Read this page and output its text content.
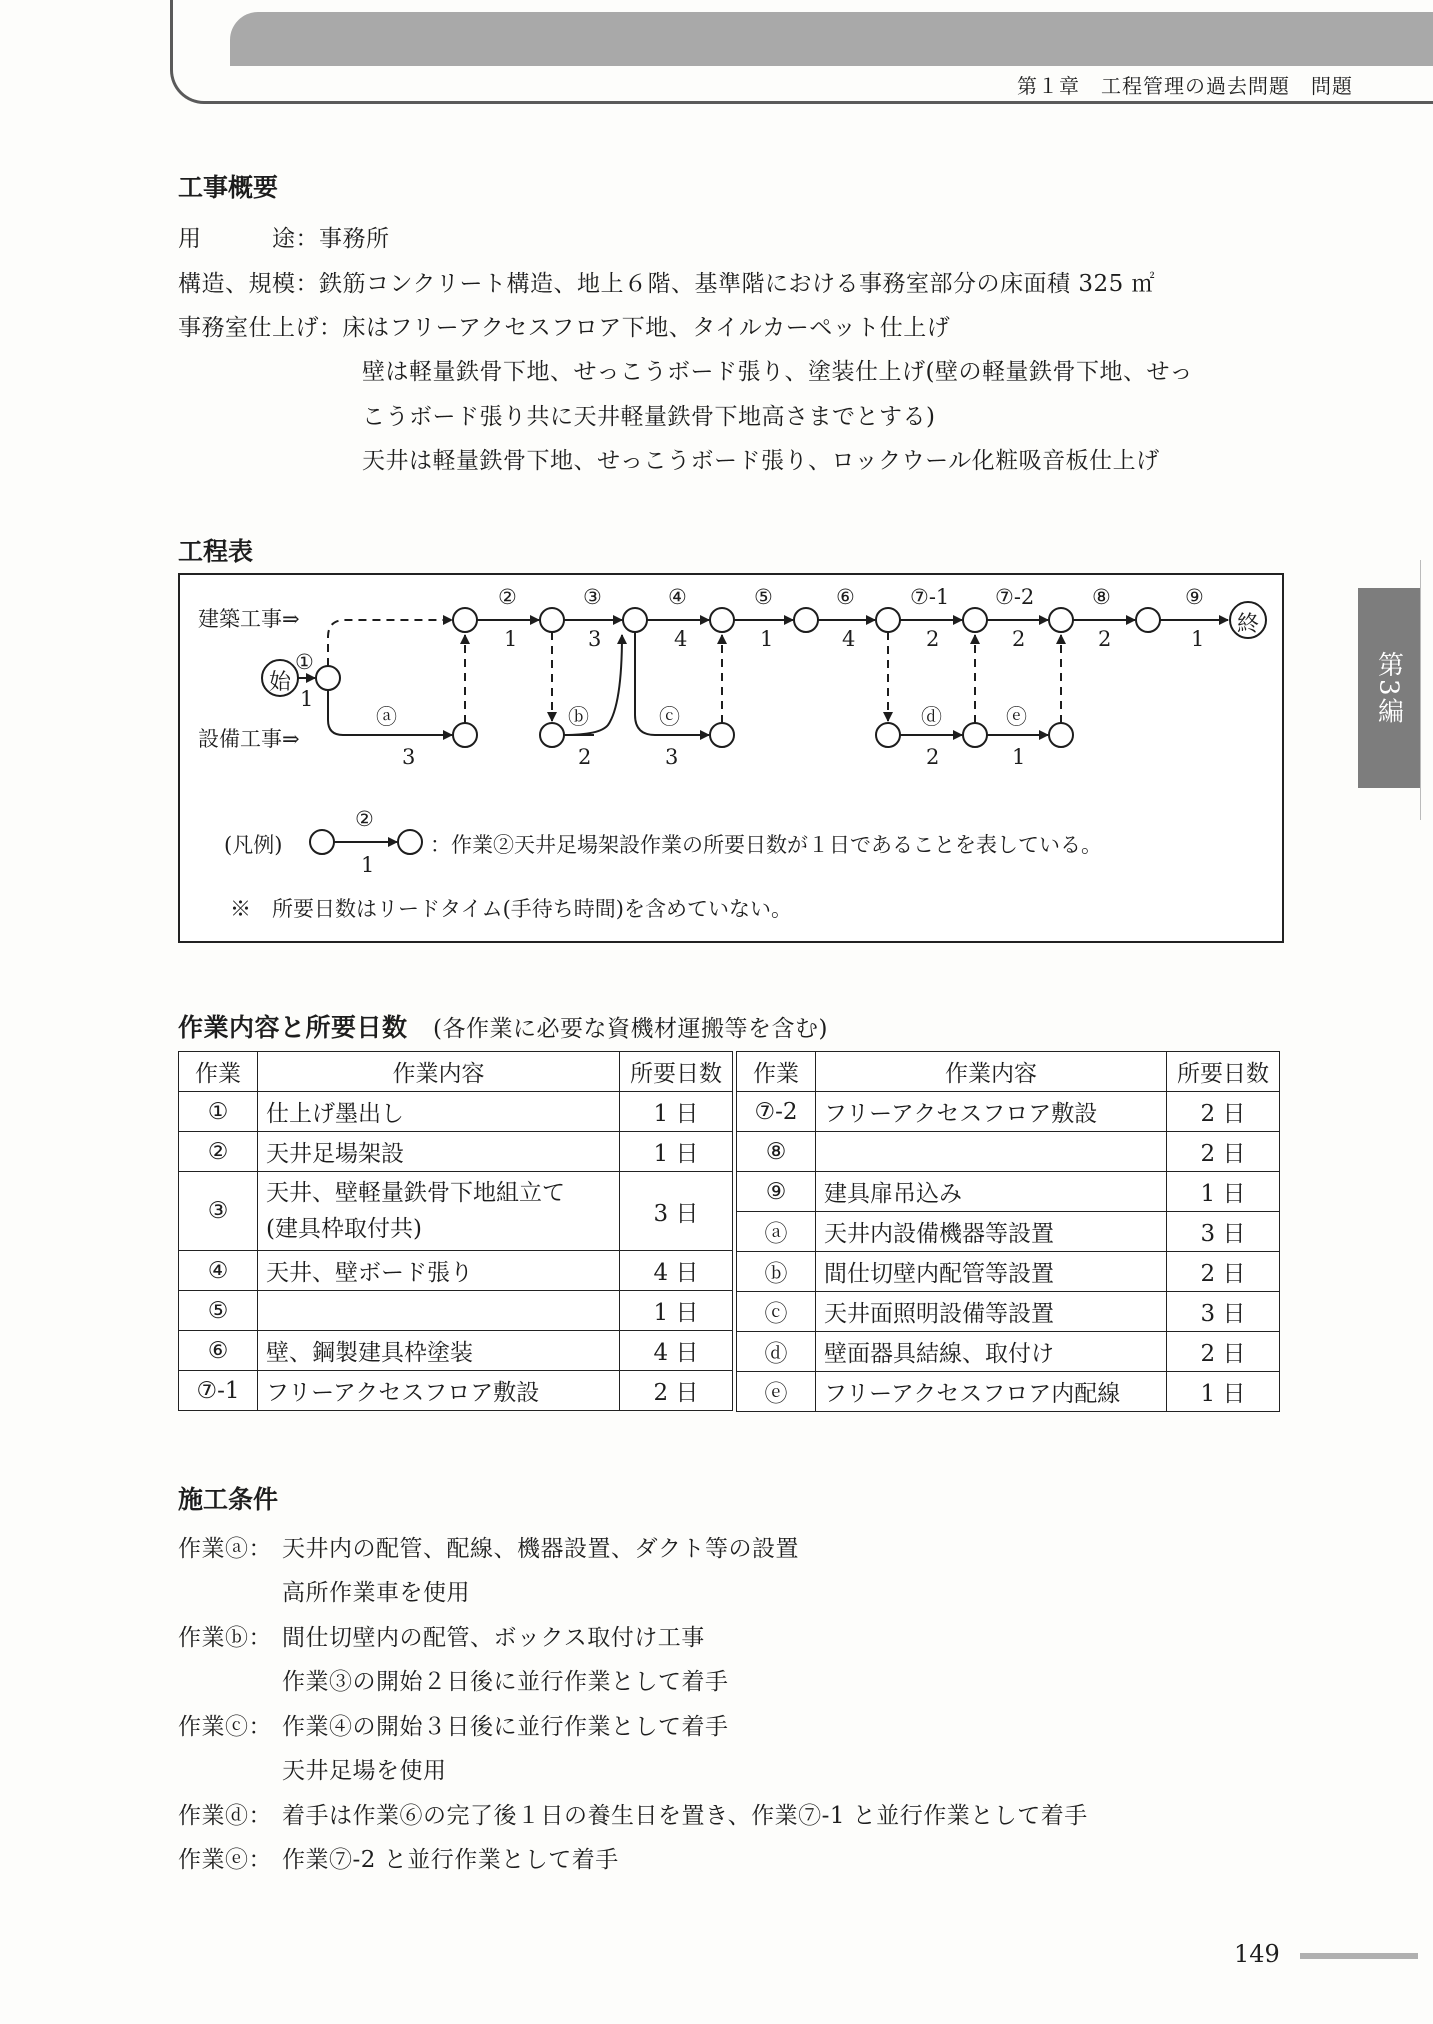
第１章　工程管理の過去問題　問題
第3編
工事概要
用　　　途：事務所
構造、規模：鉄筋コンクリート構造、地上６階、基準階における事務室部分の床面積 325 ㎡
事務室仕上げ：床はフリーアクセスフロア下地、タイルカーペット仕上げ
壁は軽量鉄骨下地、せっこうボード張り、塗装仕上げ(壁の軽量鉄骨下地、せっ
こうボード張り共に天井軽量鉄骨下地高さまでとする)
天井は軽量鉄骨下地、せっこうボード張り、ロックウール化粧吸音板仕上げ
工程表
建築工事⇒
設備工事⇒
始
終
①
1
②
1
③
3
④
4
⑤
1
⑥
4
⑦-1
2
⑦-2
2
⑧
2
⑨
1
ⓐ
3
ⓑ
2
ⓒ
3
ⓓ
2
ⓔ
1
(凡例)
②
1
：作業②天井足場架設作業の所要日数が１日であることを表している。
※　所要日数はリードタイム(手待ち時間)を含めていない。
作業内容と所要日数　 (各作業に必要な資機材運搬等を含む)
作業	作業内容	所要日数
①	仕上げ墨出し	1 日
②	天井足場架設	1 日
③	天井、壁軽量鉄骨下地組立て
(建具枠取付共)	3 日
④	天井、壁ボード張り	4 日
⑤		1 日
⑥	壁、鋼製建具枠塗装	4 日
⑦-1	フリーアクセスフロア敷設	2 日
作業	作業内容	所要日数
⑦-2	フリーアクセスフロア敷設	2 日
⑧		2 日
⑨	建具扉吊込み	1 日
ⓐ	天井内設備機器等設置	3 日
ⓑ	間仕切壁内配管等設置	2 日
ⓒ	天井面照明設備等設置	3 日
ⓓ	壁面器具結線、取付け	2 日
ⓔ	フリーアクセスフロア内配線	1 日
施工条件
作業ⓐ： 天井内の配管、配線、機器設置、ダクト等の設置
高所作業車を使用
作業ⓑ： 間仕切壁内の配管、ボックス取付け工事
作業③の開始２日後に並行作業として着手
作業ⓒ： 作業④の開始３日後に並行作業として着手
天井足場を使用
作業ⓓ： 着手は作業⑥の完了後１日の養生日を置き、作業⑦-1 と並行作業として着手
作業ⓔ： 作業⑦-2 と並行作業として着手
149
